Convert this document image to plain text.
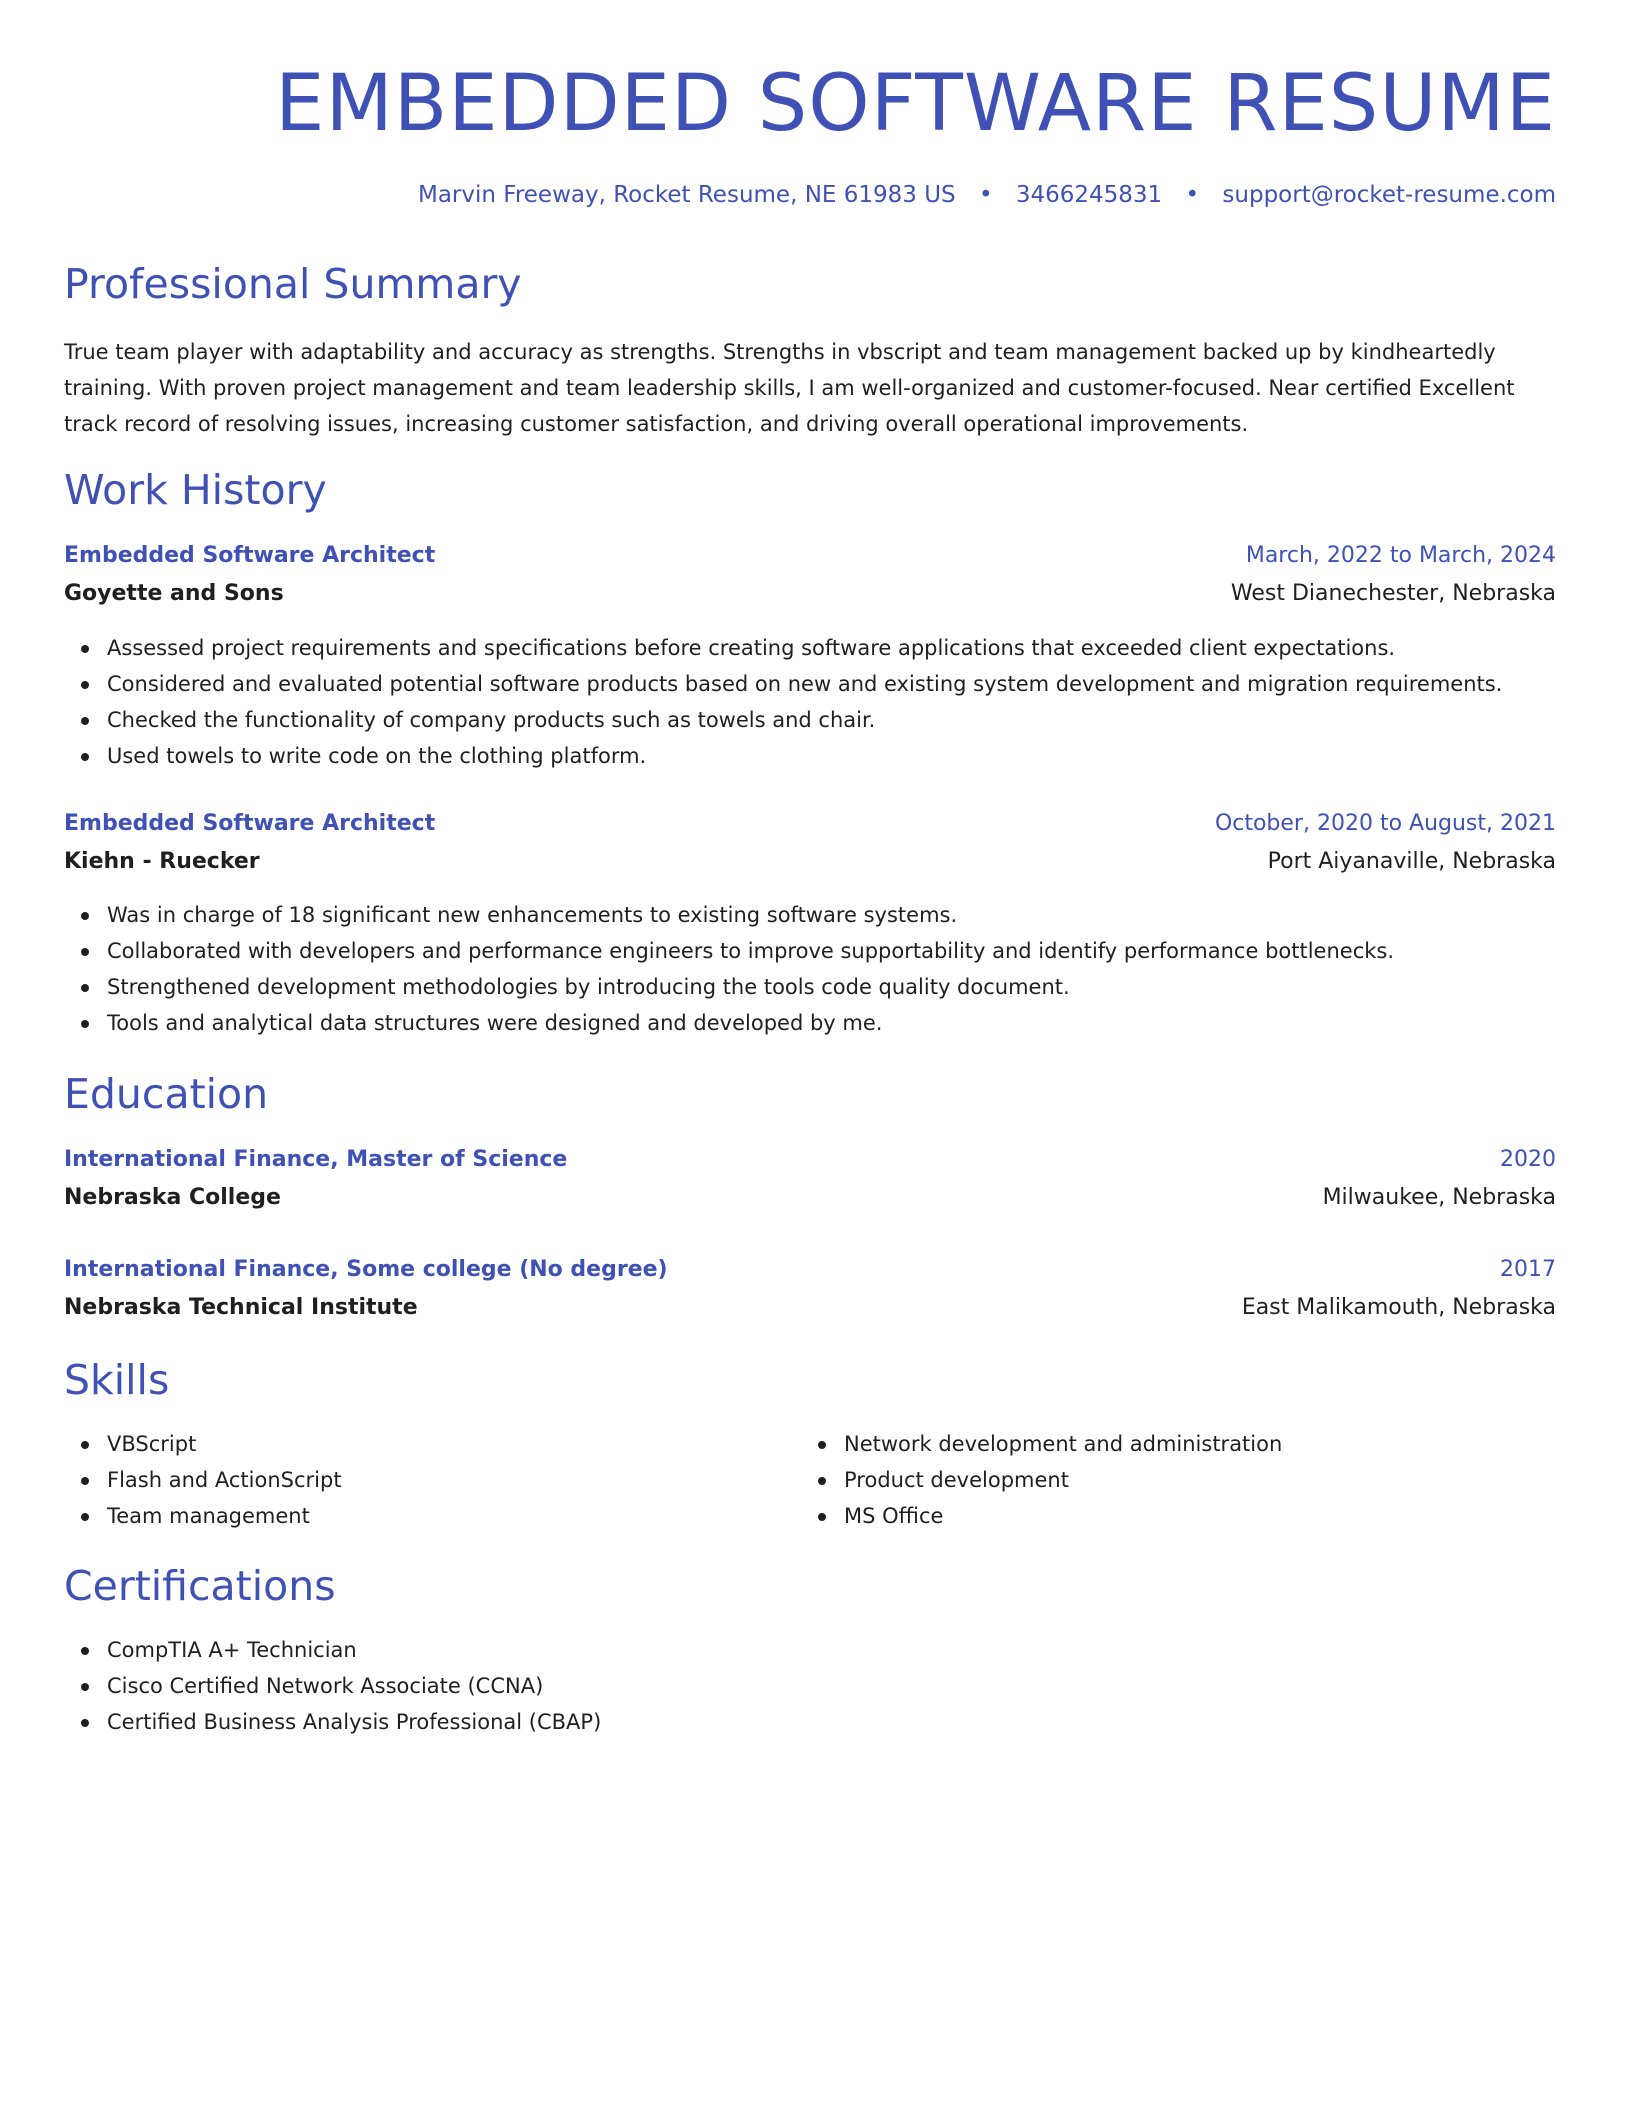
EMBEDDED SOFTWARE RESUME
Marvin Freeway, Rocket Resume, NE 61983 US • 3466245831 • support@rocket-resume.com
Professional Summary

True team player with adaptability and accuracy as strengths. Strengths in vbscript and team management backed up by kindheartedly training. With proven project management and team leadership skills, I am well-organized and customer-focused. Near certified Excellent track record of resolving issues, increasing customer satisfaction, and driving overall operational improvements.

Work History
Embedded Software Architect	March, 2022 to March, 2024
Goyette and Sons	West Dianechester, Nebraska
Assessed project requirements and specifications before creating software applications that exceeded client expectations.
Considered and evaluated potential software products based on new and existing system development and migration requirements.
Checked the functionality of company products such as towels and chair.
Used towels to write code on the clothing platform.
Embedded Software Architect	October, 2020 to August, 2021
Kiehn - Ruecker	Port Aiyanaville, Nebraska
Was in charge of 18 significant new enhancements to existing software systems.
Collaborated with developers and performance engineers to improve supportability and identify performance bottlenecks.
Strengthened development methodologies by introducing the tools code quality document.
Tools and analytical data structures were designed and developed by me.
Education
International Finance, Master of Science	2020
Nebraska College	Milwaukee, Nebraska
International Finance, Some college (No degree)	2017
Nebraska Technical Institute	East Malikamouth, Nebraska
Skills
VBScript
Flash and ActionScript
Team management
Network development and administration
Product development
MS Office
Certifications
CompTIA A+ Technician
Cisco Certified Network Associate (CCNA)
Certified Business Analysis Professional (CBAP)
